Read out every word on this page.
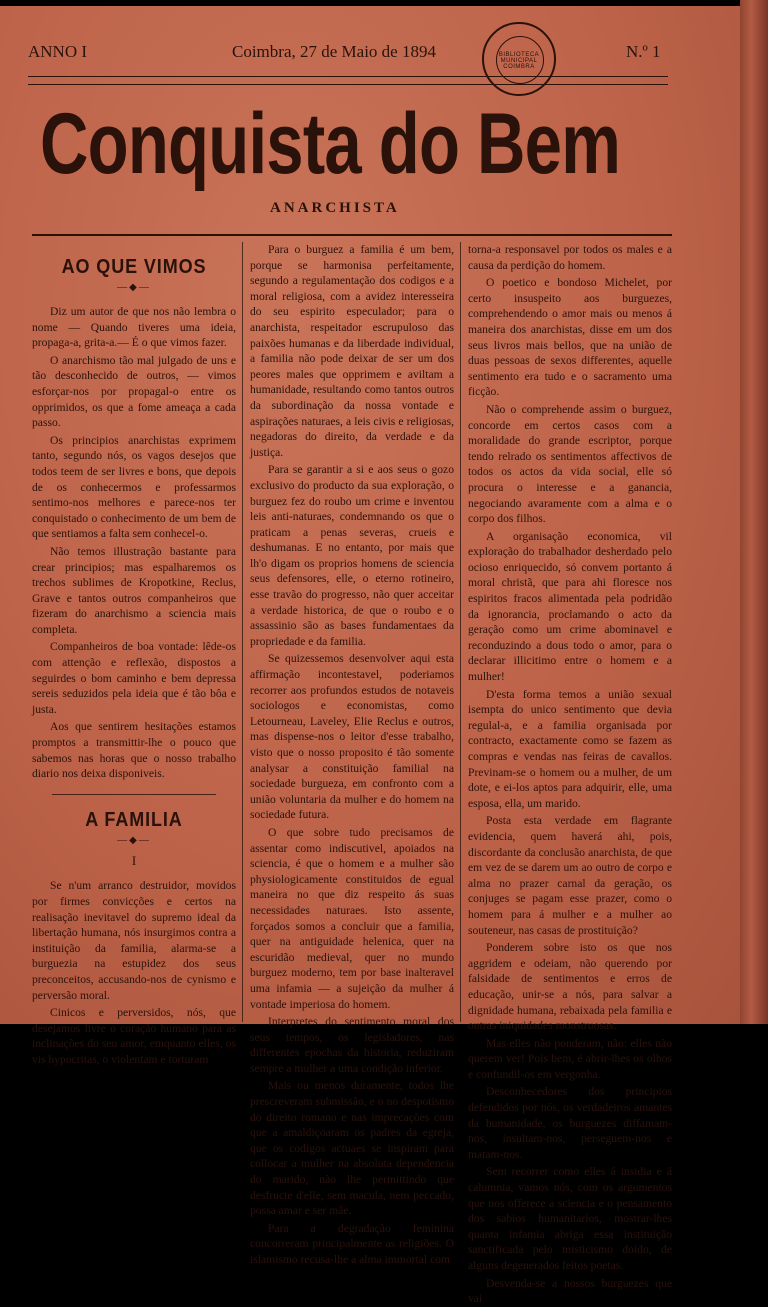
ANNO I	Coimbra, 27 de Maio de 1894	N.º 1
BIBLIOTECA MUNICIPAL COIMBRA
Conquista do Bem
ANARCHISTA
AO QUE VIMOS
—◆—

Diz um autor de que nos não lembra o nome — Quando tiveres uma ideia, propaga-a, grita-a.— É o que vimos fazer.

O anarchismo tão mal julgado de uns e tão desconhecido de outros, — vimos esforçar-nos por propagal-o entre os opprimidos, os que a fome ameaça a cada passo.

Os principios anarchistas exprimem tanto, segundo nós, os vagos desejos que todos teem de ser livres e bons, que depois de os conhecermos e professarmos sentimo-nos melhores e parece-nos ter conquistado o conhecimento de um bem de que sentiamos a falta sem conhecel-o.

Não temos illustração bastante para crear principios; mas espalharemos os trechos sublimes de Kropotkine, Reclus, Grave e tantos outros companheiros que fizeram do anarchismo a sciencia mais completa.

Companheiros de boa vontade: lêde-os com attenção e reflexão, dispostos a seguirdes o bom caminho e bem depressa sereis seduzidos pela ideia que é tão bôa e justa.

Aos que sentirem hesitações estamos promptos a transmittir-lhe o pouco que sabemos nas horas que o nosso trabalho diario nos deixa disponiveis.

A FAMILIA
—◆—
I

Se n'um arranco destruidor, movidos por firmes convicções e certos na realisação inevitavel do supremo ideal da libertação humana, nós insurgimos contra a instituição da familia, alarma-se a burguezia na estupidez dos seus preconceitos, accusando-nos de cynismo e perversão moral.

Cinicos e perversidos, nós, que desejamos livre o coração humano para as inclinações do seu amor, emquanto elles, os vis hypocritas, o violentam e torturam

Para o burguez a familia é um bem, porque se harmonisa perfeitamente, segundo a regulamentação dos codigos e a moral religiosa, com a avidez interesseira do seu espirito especulador; para o anarchista, respeitador escrupuloso das paixões humanas e da liberdade individual, a familia não pode deixar de ser um dos peores males que opprimem e aviltam a humanidade, resultando como tantos outros da subordinação da nossa vontade e aspirações naturaes, a leis civis e religiosas, negadoras do direito, da verdade e da justiça.

Para se garantir a si e aos seus o gozo exclusivo do producto da sua exploração, o burguez fez do roubo um crime e inventou leis anti-naturaes, condemnando os que o praticam a penas severas, crueis e deshumanas. E no entanto, por mais que lh'o digam os proprios homens de sciencia seus defensores, elle, o eterno rotineiro, esse travão do progresso, não quer acceitar a verdade historica, de que o roubo e o assassinio são as bases fundamentaes da propriedade e da familia.

Se quizessemos desenvolver aqui esta affirmação incontestavel, poderiamos recorrer aos profundos estudos de notaveis sociologos e economistas, como Letourneau, Laveley, Elie Reclus e outros, mas dispense-nos o leitor d'esse trabalho, visto que o nosso proposito é tão somente analysar a constituição familial na sociedade burgueza, em confronto com a união voluntaria da mulher e do homem na sociedade futura.

O que sobre tudo precisamos de assentar como indiscutivel, apoiados na sciencia, é que o homem e a mulher são physiologicamente constituidos de egual maneira no que diz respeito ás suas necessidades naturaes. Isto assente, forçados somos a concluir que a familia, quer na antiguidade helenica, quer na escuridão medieval, quer no mundo burguez moderno, tem por base inalteravel uma infamia — a sujeição da mulher á vontade imperiosa do homem.

Interpretes do sentimento moral dos seus tempos, os legisladores, nas differentes epochas da historia, reduziram sempre a mulher a uma condição inferior.

Mais ou menos duramente, todos lhe prescreveram submissão, e o no despotismo do direito romano e nas imprecações com que a amaldiçoaram os padres da egreja, que os codigos actuaes se inspiram para collocar a mulher na absoluta dependencia do marido, não lhe permittindo que desfructe d'elle, sem macula, nem peccado, possa amar e ser mãe.

Para a degradação feminina concorreram principalmente as religiões. O islamismo recusa-lhe a alma immortal com

torna-a responsavel por todos os males e a causa da perdição do homem.

O poetico e bondoso Michelet, por certo insuspeito aos burguezes, comprehendendo o amor mais ou menos á maneira dos anarchistas, disse em um dos seus livros mais bellos, que na união de duas pessoas de sexos differentes, aquelle sentimento era tudo e o sacramento uma ficção.

Não o comprehende assim o burguez, concorde em certos casos com a moralidade do grande escriptor, porque tendo relrado os sentimentos affectivos de todos os actos da vida social, elle só procura o interesse e a ganancia, negociando avaramente com a alma e o corpo dos filhos.

A organisação economica, vil exploração do trabalhador desherdado pelo ocioso enriquecido, só convem portanto á moral christã, que para ahi floresce nos espiritos fracos alimentada pela podridão da ignorancia, proclamando o acto da geração como um crime abominavel e reconduzindo a dous todo o amor, para o declarar illicitimo entre o homem e a mulher!

D'esta forma temos a união sexual isempta do unico sentimento que devia regulal-a, e a familia organisada por contracto, exactamente como se fazem as compras e vendas nas feiras de cavallos. Previnam-se o homem ou a mulher, de um dote, e ei-los aptos para adquirir, elle, uma esposa, ella, um marido.

Posta esta verdade em flagrante evidencia, quem haverá ahi, pois, discordante da conclusão anarchista, de que em vez de se darem um ao outro de corpo e alma no prazer carnal da geração, os conjuges se pagam esse prazer, como o homem para á mulher e a mulher ao souteneur, nas casas de prostituição?

Ponderem sobre isto os que nos aggridem e odeiam, não querendo por falsidade de sentimentos e erros de educação, unir-se a nós, para salvar a dignidade humana, rebaixada pela familia e outras iniquidades monstruosas.

Mas elles não ponderam, não: elles não querem ver! Pois bem, é abrir-lhes os olhos e confundil-os em vergonha.

Desconhecedores dos principios defendidos por nós, os verdadeiros amantes da humanidade, os burguezes diffamam-nos, insultam-nos, perseguem-nos e matam-nos.

Sem recorrer como elles á insidia e á calumnia, vamos nós, com os argumentos que nos offerece a sciencia e o pensamento dos sabios humanitarios, mostrar-lhes quanta infamia abriga essa instituição sanctificada pelo misticismo doido, de alguns degenerados feitos poetas.

Desvenda-se a nossos burguezes que vai
